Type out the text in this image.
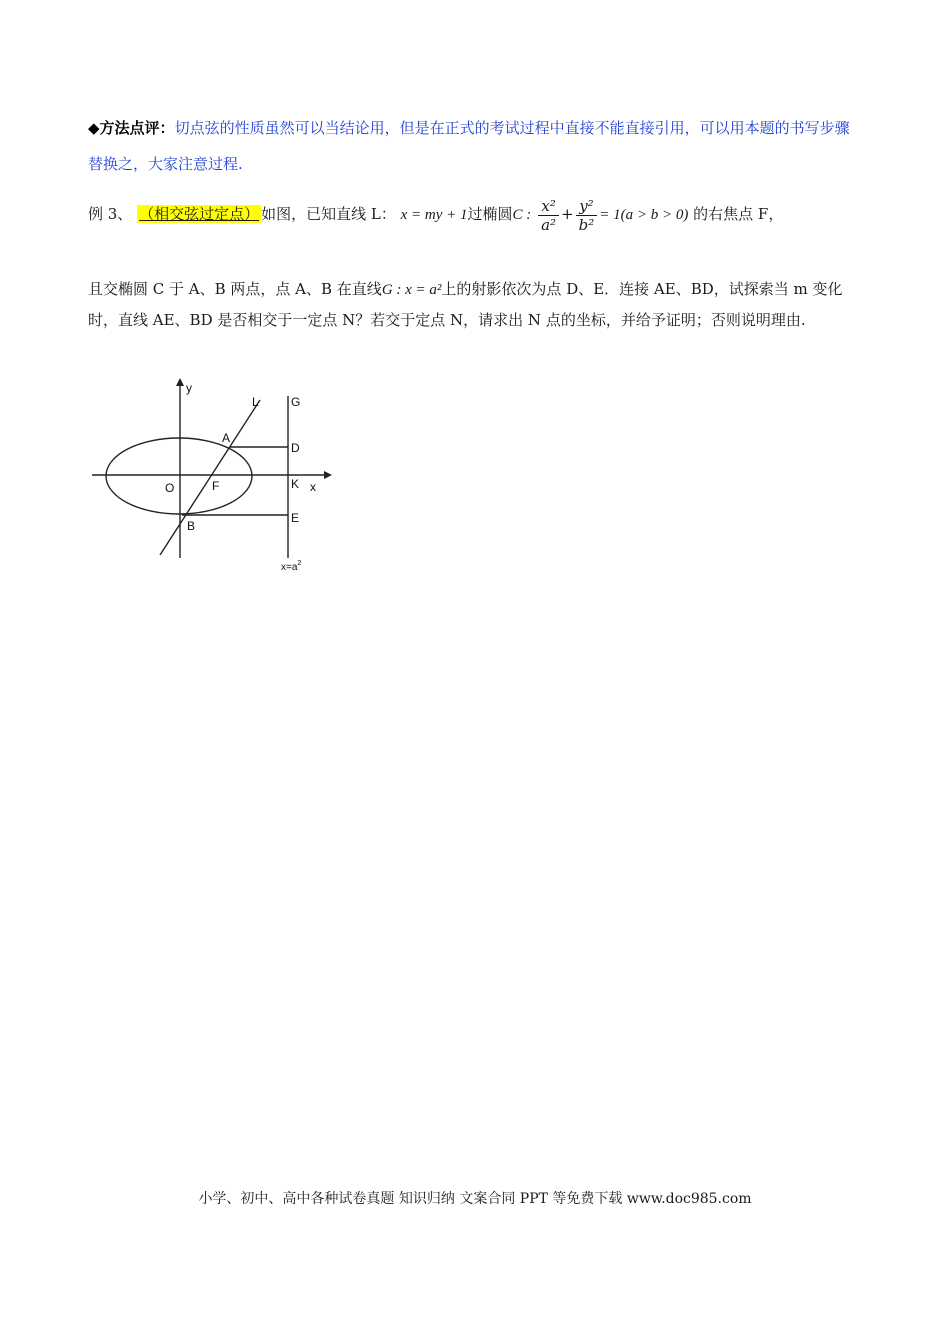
◆方法点评：切点弦的性质虽然可以当结论用，但是在正式的考试过程中直接不能直接引用，可以用本题的书写步骤替换之，大家注意过程.
例 3、 （相交弦过定点） 如图，已知直线 L： x = my + 1过椭圆C : $\frac{\text{x²}}{\text{a²}} + \frac{\text{y²}}{\text{b²}} = 1(a > b > 0)$ 的右焦点 F，
且交椭圆 C 于 A、B 两点，点 A、B 在直线G : x = a²上的射影依次为点 D、E．连接 AE、BD，试探索当 m 变化时，直线 AE、BD 是否相交于一定点 N？若交于定点 N，请求出 N 点的坐标，并给予证明；否则说明理由.
y
L	G
A
D
O	F	K x
B
E
$x=a^2$
小学、初中、高中各种试卷真题 知识归纳 文案合同 PPT 等免费下载 www.doc985.com
